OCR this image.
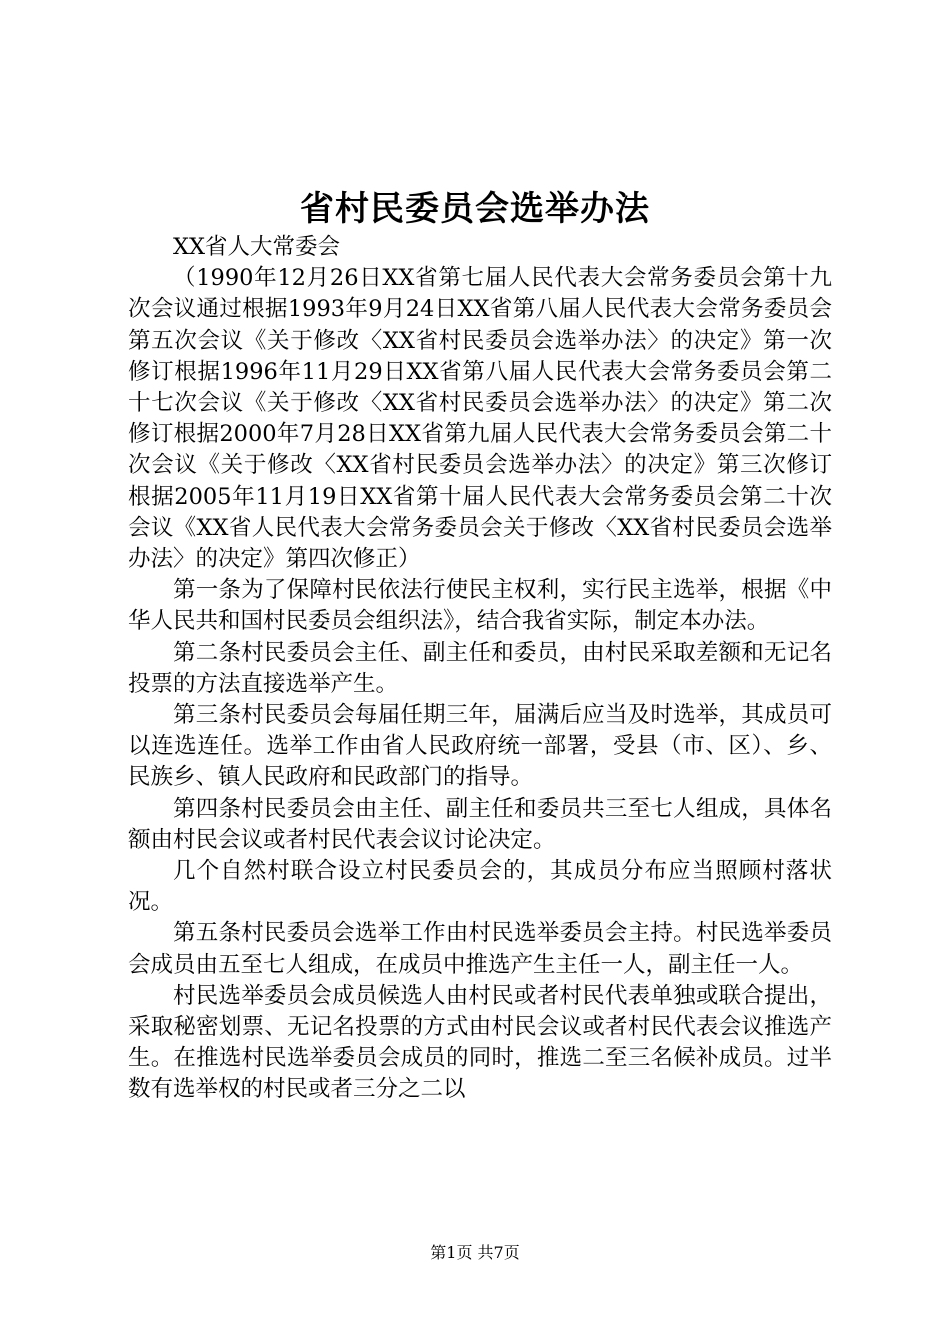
省村民委员会选举办法

XX省人大常委会

（1990年12月26日XX省第七届人民代表大会常务委员会第十九次会议通过根据1993年9月24日XX省第八届人民代表大会常务委员会第五次会议《关于修改〈XX省村民委员会选举办法〉的决定》第一次修订根据1996年11月29日XX省第八届人民代表大会常务委员会第二十七次会议《关于修改〈XX省村民委员会选举办法〉的决定》第二次修订根据2000年7月28日XX省第九届人民代表大会常务委员会第二十次会议《关于修改〈XX省村民委员会选举办法〉的决定》第三次修订根据2005年11月19日XX省第十届人民代表大会常务委员会第二十次会议《XX省人民代表大会常务委员会关于修改〈XX省村民委员会选举办法〉的决定》第四次修正）

第一条为了保障村民依法行使民主权利，实行民主选举，根据《中华人民共和国村民委员会组织法》，结合我省实际，制定本办法。

第二条村民委员会主任、副主任和委员，由村民采取差额和无记名投票的方法直接选举产生。

第三条村民委员会每届任期三年，届满后应当及时选举，其成员可以连选连任。选举工作由省人民政府统一部署，受县（市、区）、乡、民族乡、镇人民政府和民政部门的指导。

第四条村民委员会由主任、副主任和委员共三至七人组成，具体名额由村民会议或者村民代表会议讨论决定。

几个自然村联合设立村民委员会的，其成员分布应当照顾村落状况。

第五条村民委员会选举工作由村民选举委员会主持。村民选举委员会成员由五至七人组成，在成员中推选产生主任一人，副主任一人。

村民选举委员会成员候选人由村民或者村民代表单独或联合提出，采取秘密划票、无记名投票的方式由村民会议或者村民代表会议推选产生。在推选村民选举委员会成员的同时，推选二至三名候补成员。过半数有选举权的村民或者三分之二以

第1页 共7页
